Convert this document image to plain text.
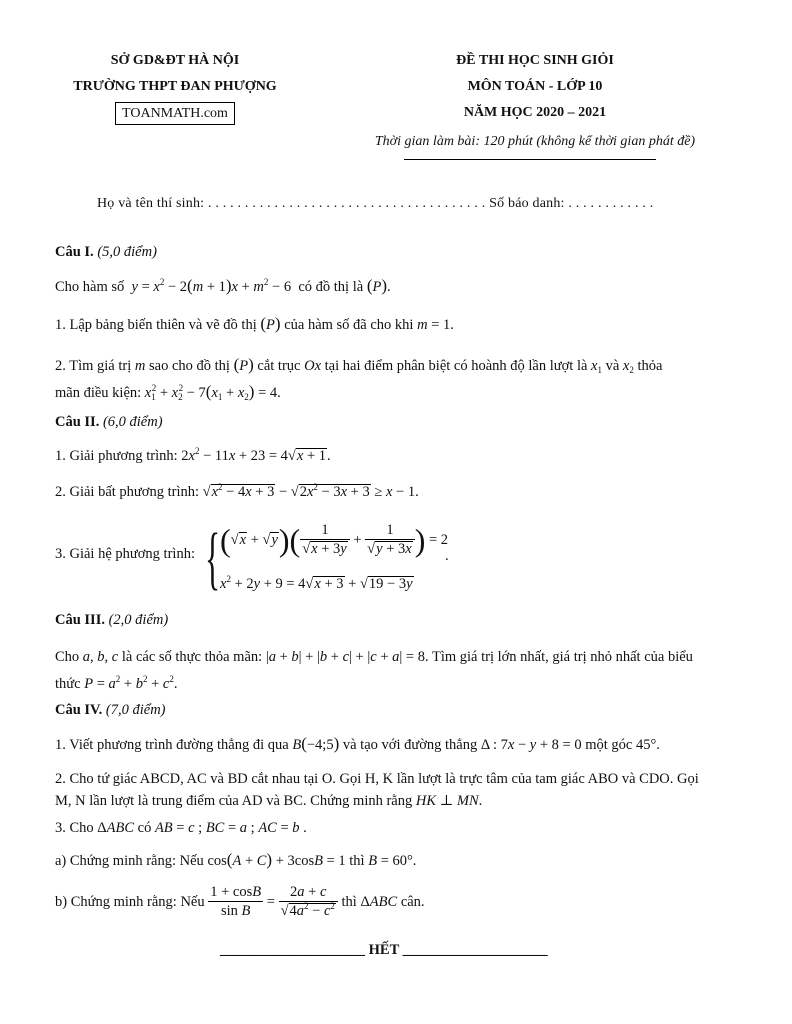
SỞ GD&ĐT HÀ NỘI
TRƯỜNG THPT ĐAN PHƯỢNG
TOANMATH.com
ĐỀ THI HỌC SINH GIỎI
MÔN TOÁN - LỚP 10
NĂM HỌC 2020 – 2021
Thời gian làm bài: 120 phút (không kể thời gian phát đề)
Họ và tên thí sinh: . . . . . . . . . . . . . . . . . . . . . . . . . . . . . . . . . . . . . . Số báo danh: . . . . . . . . . . . .
Câu I. (5,0 điểm)
Cho hàm số  $y = x^2 - 2(m + 1)x + m^2 - 6$  có đồ thị là (P).
1. Lập bảng biến thiên và vẽ đồ thị (P) của hàm số đã cho khi m = 1.
2. Tìm giá trị m sao cho đồ thị (P) cắt trục Ox tại hai điểm phân biệt có hoành độ lần lượt là $x_1$ và $x_2$ thỏa
mãn điều kiện: $x_1^2 + x_2^2 - 7(x_1 + x_2) = 4$.
Câu II. (6,0 điểm)
1. Giải phương trình: $2x^2 - 11x + 23 = 4√x + 1$.
2. Giải bất phương trình: $√x^2 - 4x + 3 - √2x^2 - 3x + 3 \ge x - 1$.
3. Giải hệ phương trình: { $(√x + √y)( \frac{1}{√x + 3y} + \frac{1}{√y + 3x}$ ) = 2
$x^2 + 2y + 9 = 4√x + 3 + √19 - 3y$
.
Câu III. (2,0 điểm)
Cho a, b, c là các số thực thỏa mãn: |a + b| + |b + c| + |c + a| = 8. Tìm giá trị lớn nhất, giá trị nhỏ nhất của biểu
thức $P = a^2 + b^2 + c^2$.
Câu IV. (7,0 điểm)
1. Viết phương trình đường thẳng đi qua B(−4;5) và tạo với đường thẳng Δ : 7x − y + 8 = 0 một góc 45°.
2. Cho tứ giác ABCD, AC và BD cắt nhau tại O. Gọi H, K lần lượt là trực tâm của tam giác ABO và CDO. Gọi
M, N lần lượt là trung điểm của AD và BC. Chứng minh rằng HK ⊥ MN.
3. Cho ΔABC có AB = c ; BC = a ; AC = b .
a) Chứng minh rằng: Nếu cos(A + C) + 3cosB = 1 thì B = 60°.
b) Chứng minh rằng: Nếu $\frac{1 + \cos B}{\text{sin B}} = \frac{2a + c}{√4a^2 - c^2}$ thì ΔABC cân.
____________________ HẾT ____________________
